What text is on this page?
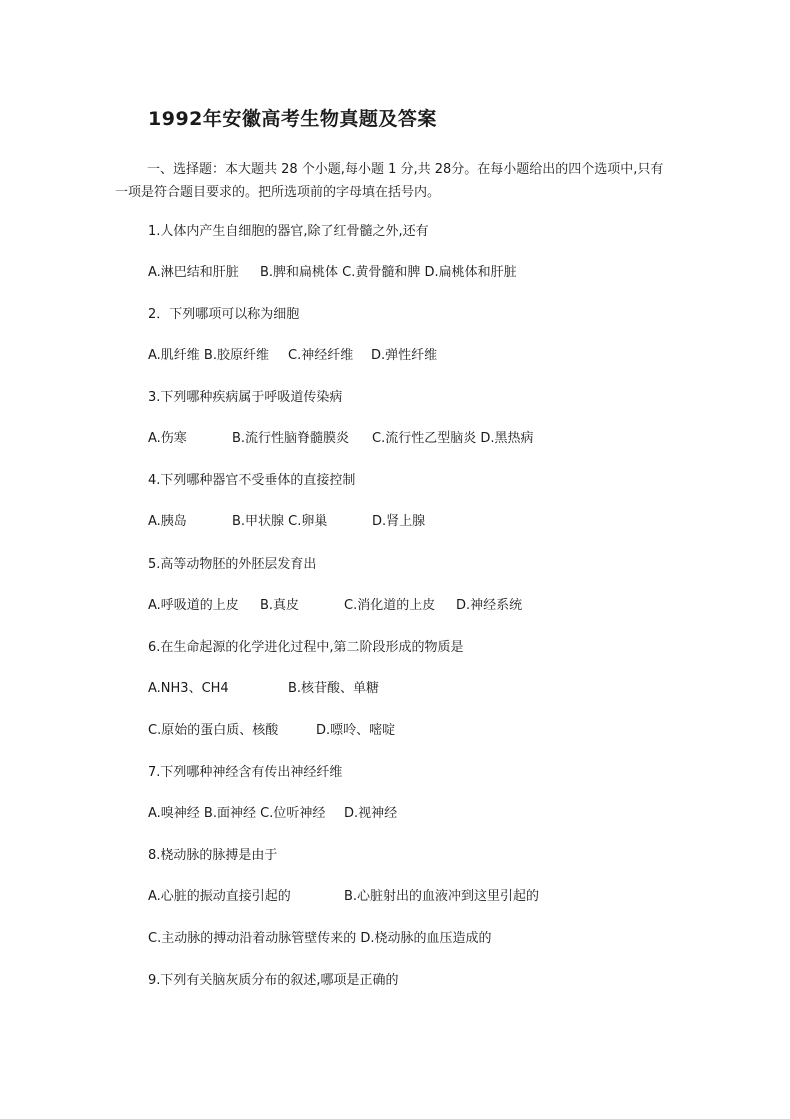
1992年安徽高考生物真题及答案
一、选择题：本大题共 28 个小题,每小题 1 分,共 28分。在每小题给出的四个选项中,只有一项是符合题目要求的。把所选项前的字母填在括号内。
1.人体内产生自细胞的器官,除了红骨髓之外,还有
A.淋巴结和肝脏 B.脾和扁桃体 C.黄骨髓和脾 D.扁桃体和肝脏
2．下列哪项可以称为细胞
A.肌纤维 B.胶原纤维 C.神经纤维 D.弹性纤维
3.下列哪种疾病属于呼吸道传染病
A.伤寒	B.流行性脑脊髓膜炎 C.流行性乙型脑炎 D.黑热病
4.下列哪种器官不受垂体的直接控制
A.胰岛	B.甲状腺 C.卵巢	D.肾上腺
5.高等动物胚的外胚层发育出
A.呼吸道的上皮 B.真皮	C.消化道的上皮 D.神经系统
6.在生命起源的化学进化过程中,第二阶段形成的物质是
A.NH3、CH4	B.核苷酸、单糖
C.原始的蛋白质、核酸	D.嘌呤、嘧啶
7.下列哪种神经含有传出神经纤维
A.嗅神经 B.面神经 C.位听神经 D.视神经
8.桡动脉的脉搏是由于
A.心脏的振动直接引起的	B.心脏射出的血液冲到这里引起的
C.主动脉的搏动沿着动脉管壁传来的 D.桡动脉的血压造成的
9.下列有关脑灰质分布的叙述,哪项是正确的
